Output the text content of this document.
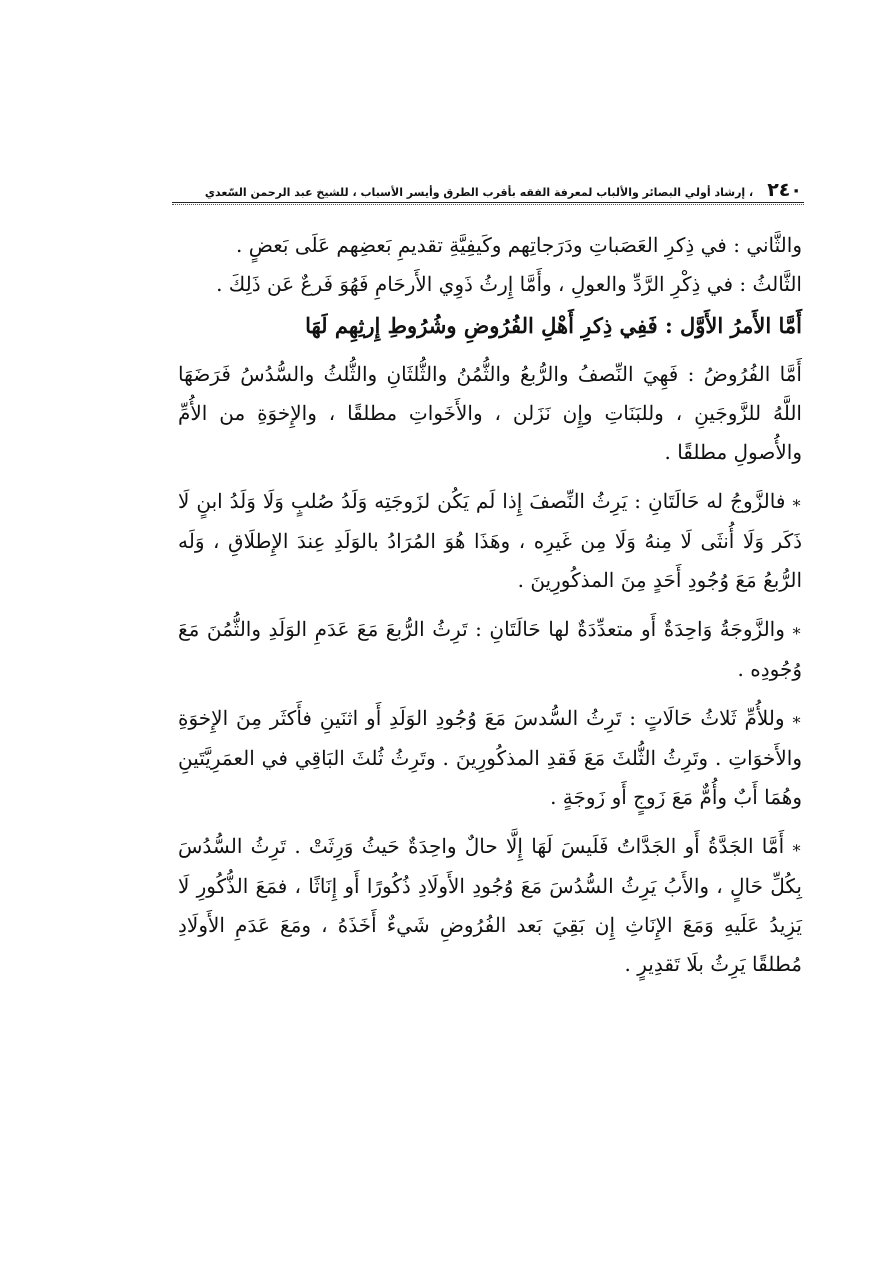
٢٤٠
، إرشاد أولي البصائر والألباب لمعرفة الفقه بأقرب الطرق وأيسر الأسباب ، للشيخ عبد الرحمن السّعدي

والثَّاني : في ذِكرِ العَصَباتِ ودَرَجاتِهم وكَيفِيَّةِ تقديمِ بَعضِهم عَلَى بَعضٍ .

الثَّالثُ : في ذِكْرِ الرَّدِّ والعولِ ، وأَمَّا إِرثُ ذَوِي الأَرحَامِ فَهُوَ فَرعٌ عَن ذَلِكَ .

أَمَّا الأَمرُ الأَوَّل : فَفِي ذِكرِ أَهْلِ الفُرُوضِ وشُرُوطِ إِرثِهِم لَهَا

أَمَّا الفُرُوضُ : فَهِيَ النِّصفُ والرُّبعُ والثُّمُنُ والثُّلثَانِ والثُّلثُ والسُّدُسُ فَرَضَهَا اللَّهُ للزَّوجَينِ ، وللبَنَاتِ وإِن نَزَلن ، والأَخَواتِ مطلقًا ، والإِخوَةِ من الأُمِّ والأُصولِ مطلقًا .

∗ فالزَّوجُ له حَالَتَانِ : يَرِثُ النِّصفَ إِذا لَم يَكُن لزَوجَتِه وَلَدُ صُلبٍ وَلَا وَلَدُ ابنٍ لَا ذَكَر وَلَا أُنثَى لَا مِنهُ وَلَا مِن غَيرِه ، وهَذَا هُوَ المُرَادُ بالوَلَدِ عِندَ الإِطلَاقِ ، وَلَه الرُّبعُ مَعَ وُجُودِ أَحَدٍ مِنَ المذكُورِينَ .

∗ والزَّوجَةُ وَاحِدَةٌ أَو متعدِّدَةٌ لها حَالَتَانِ : تَرِثُ الرُّبعَ مَعَ عَدَمِ الوَلَدِ والثُّمُنَ مَعَ وُجُودِه .

∗ وللأُمِّ ثَلاثُ حَالَاتٍ : تَرِثُ السُّدسَ مَعَ وُجُودِ الوَلَدِ أَو اثنَينِ فأَكثَر مِنَ الإِخوَةِ والأَخوَاتِ . وتَرِثُ الثُّلثَ مَعَ فَقدِ المذكُورِينَ . وتَرِثُ ثُلثَ البَاقِي في العمَرِيَّتَينِ وهُمَا أَبٌ وأُمٌّ مَعَ زَوجٍ أَو زَوجَةٍ .

∗ أَمَّا الجَدَّةُ أَو الجَدَّاتُ فَلَيسَ لَهَا إِلَّا حالٌ واحِدَةٌ حَيثُ وَرِثَتْ . تَرِثُ السُّدُسَ بِكُلِّ حَالٍ ، والأَبُ يَرِثُ السُّدُسَ مَعَ وُجُودِ الأَولَادِ ذُكُورًا أَو إِنَاثًا ، فمَعَ الذُّكُورِ لَا يَزِيدُ عَلَيهِ وَمَعَ الإِنَاثِ إِن بَقِيَ بَعد الفُرُوضِ شَيءٌ أَخَذَهُ ، ومَعَ عَدَمِ الأَولَادِ مُطلقًا يَرِثُ بلَا تَقدِيرٍ .
